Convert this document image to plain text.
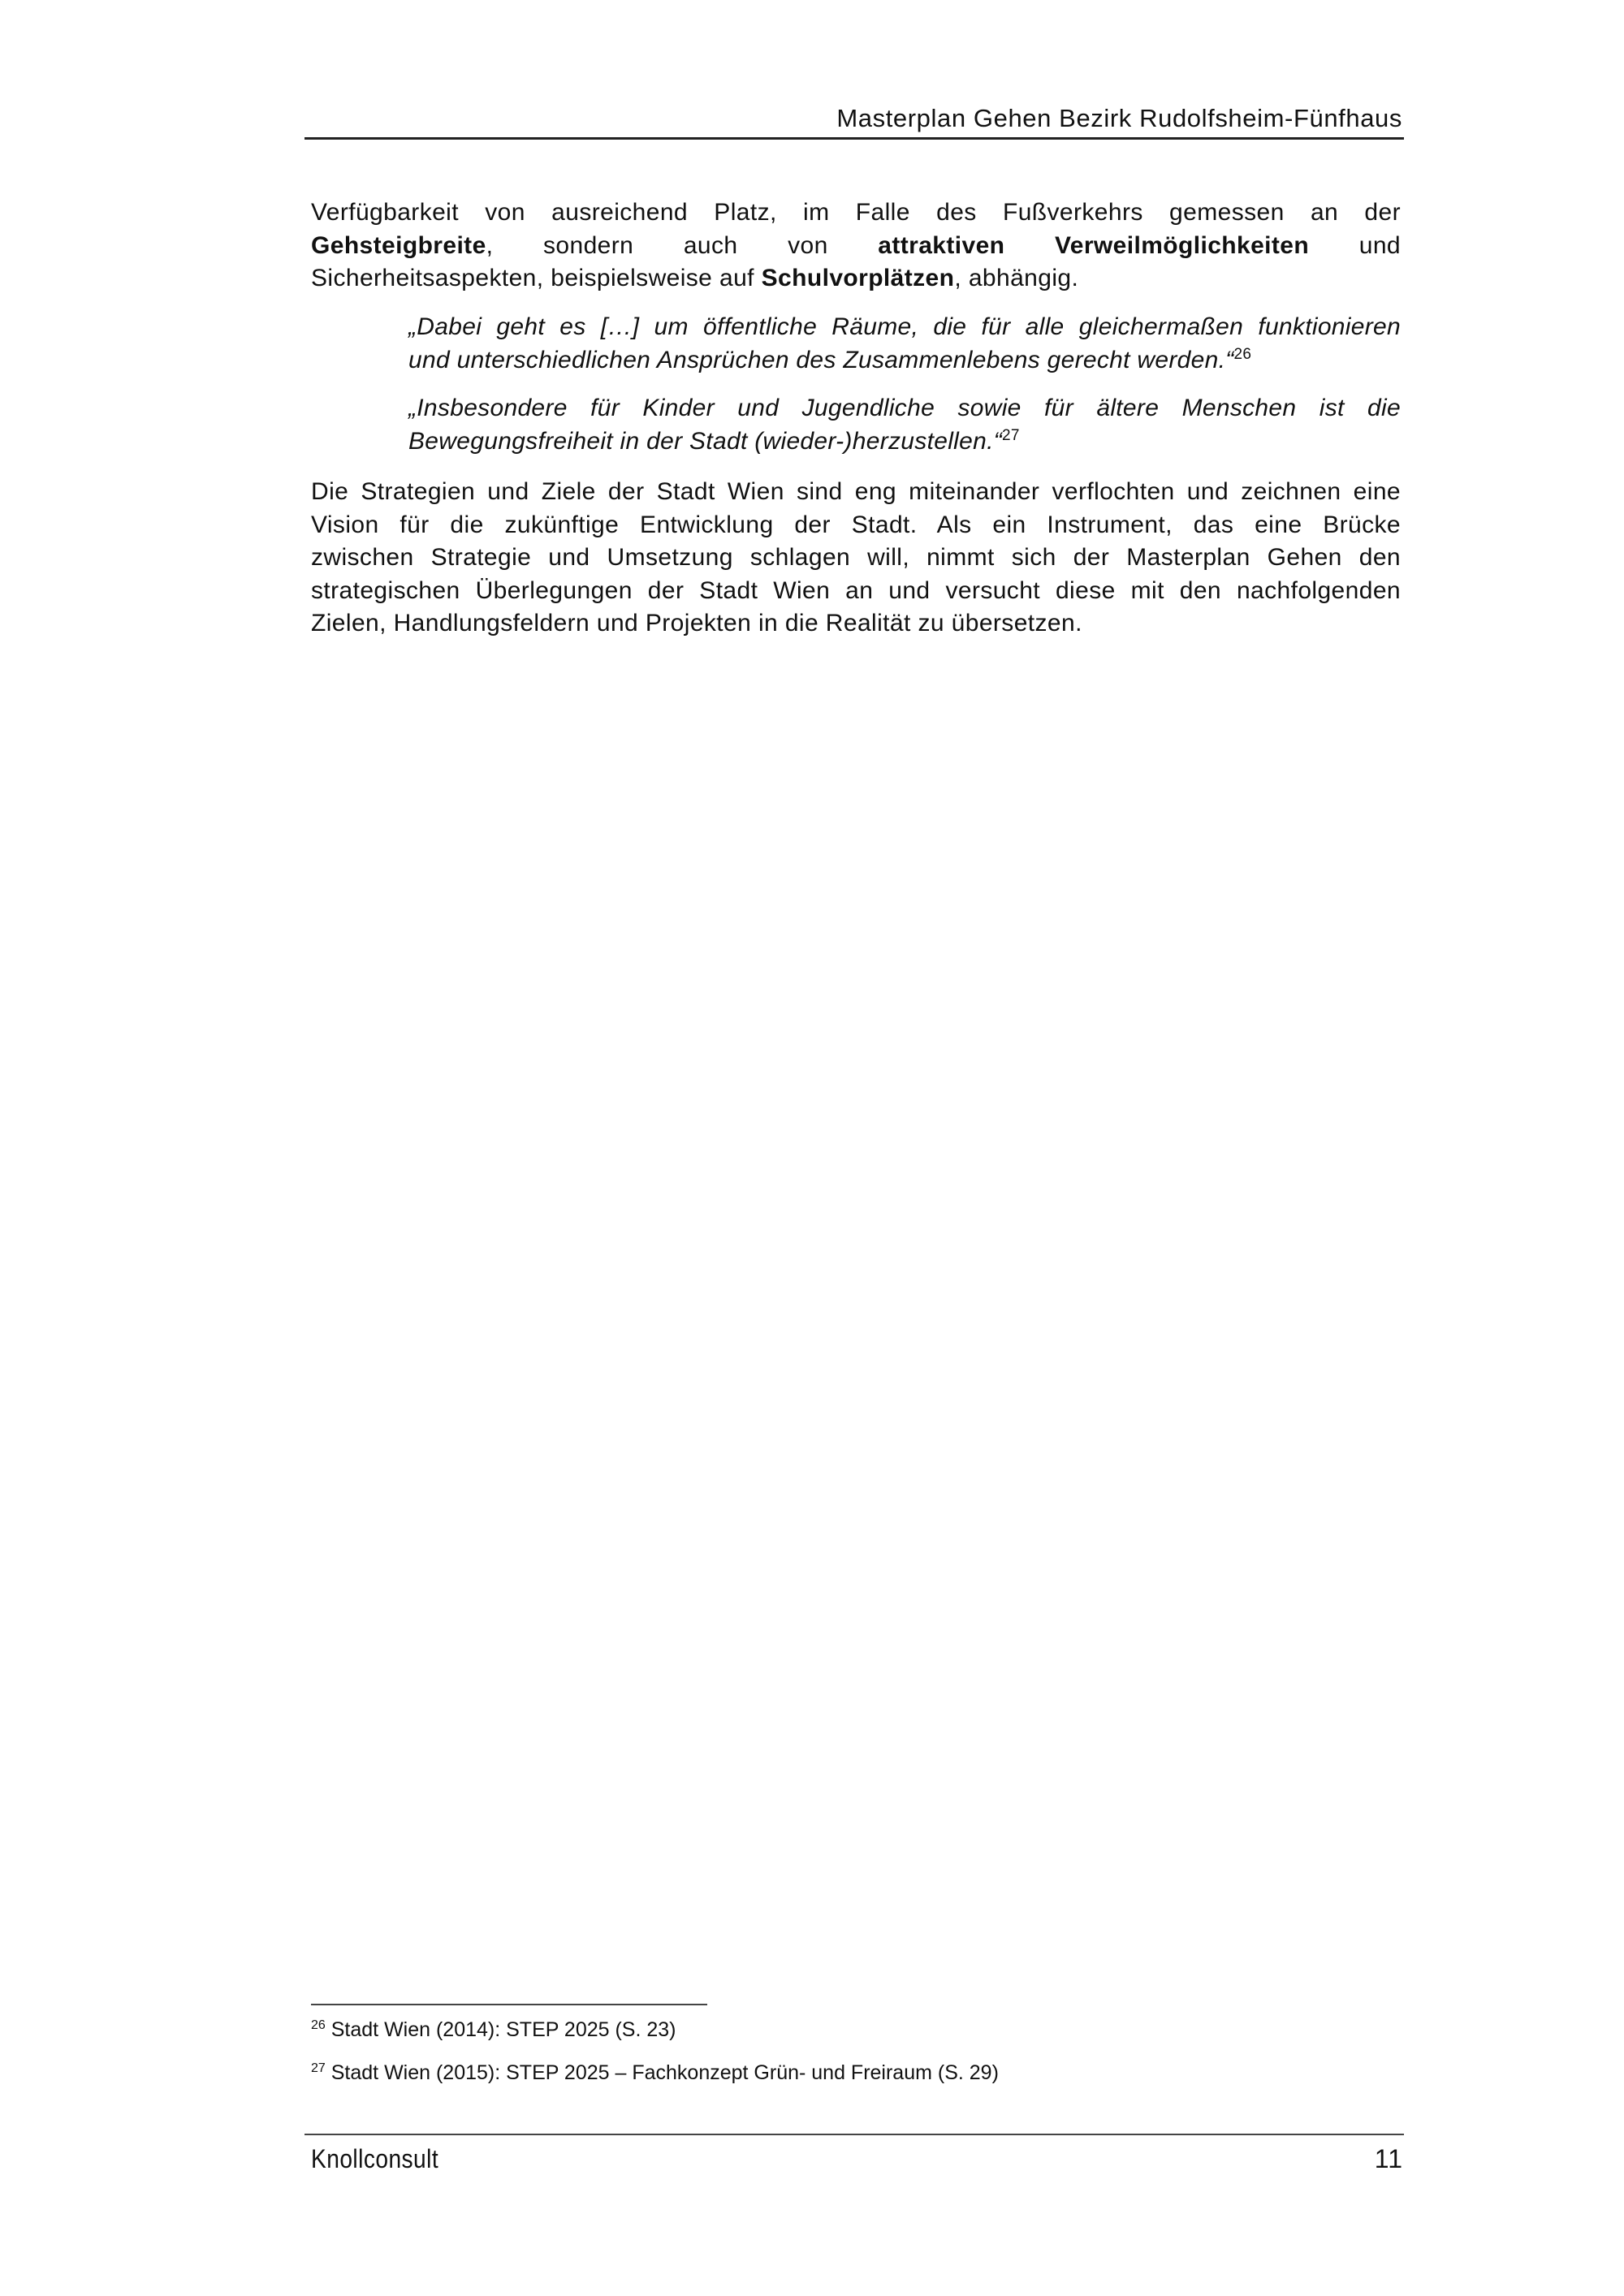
Masterplan Gehen Bezirk Rudolfsheim-Fünfhaus
Verfügbarkeit von ausreichend Platz, im Falle des Fußverkehrs gemessen an der
Gehsteigbreite, sondern auch von attraktiven Verweilmöglichkeiten und
Sicherheitsaspekten, beispielsweise auf Schulvorplätzen, abhängig.
„Dabei geht es […] um öffentliche Räume, die für alle gleichermaßen funktionieren
und unterschiedlichen Ansprüchen des Zusammenlebens gerecht werden.“$^{26}$
„Insbesondere für Kinder und Jugendliche sowie für ältere Menschen ist die
Bewegungsfreiheit in der Stadt (wieder-)herzustellen.“$^{27}$
Die Strategien und Ziele der Stadt Wien sind eng miteinander verflochten und zeichnen eine
Vision für die zukünftige Entwicklung der Stadt. Als ein Instrument, das eine Brücke
zwischen Strategie und Umsetzung schlagen will, nimmt sich der Masterplan Gehen den
strategischen Überlegungen der Stadt Wien an und versucht diese mit den nachfolgenden
Zielen, Handlungsfeldern und Projekten in die Realität zu übersetzen.
$^{26}$ Stadt Wien (2014): STEP 2025 (S. 23)
$^{27}$ Stadt Wien (2015): STEP 2025 – Fachkonzept Grün- und Freiraum (S. 29)
Knollconsult	11
